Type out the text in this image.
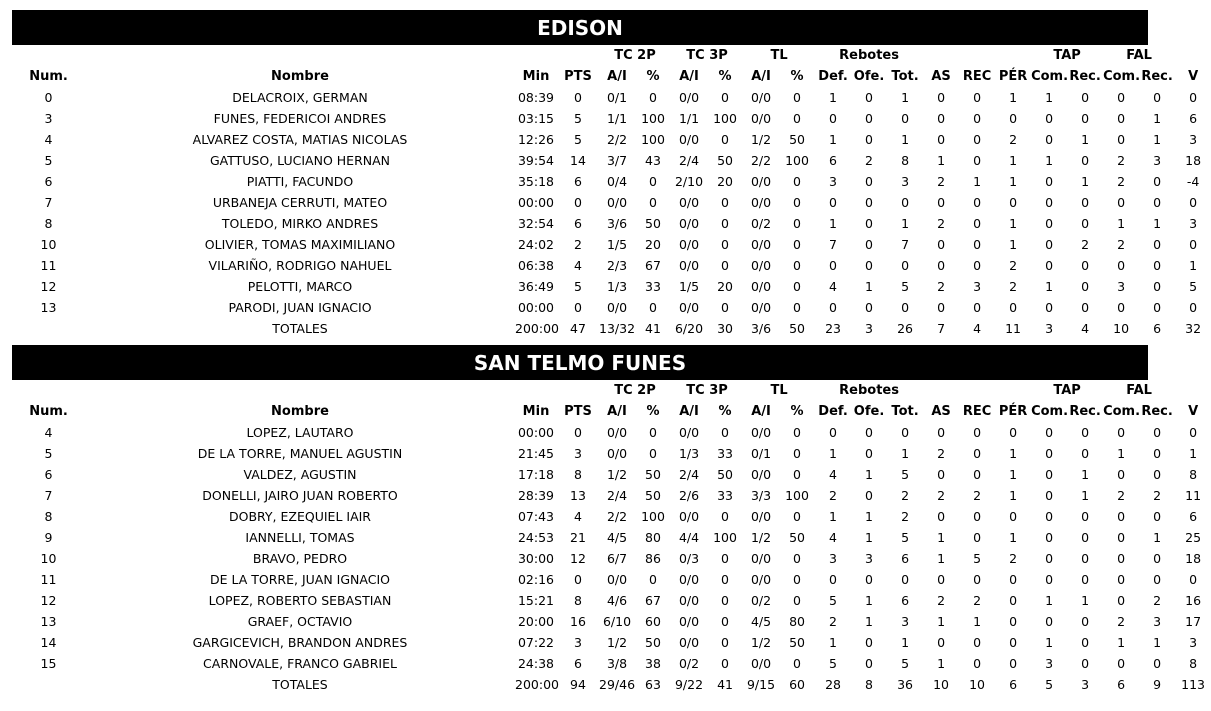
EDISON
				TC 2P		TC 3P		TL		Rebotes						TAP		FAL		
Num.	Nombre	Min	PTS	A/I	%	A/I	%	A/I	%	Def.	Ofe.	Tot.	AS	REC	PÉR	Com.	Rec.	Com.	Rec.	V
0	DELACROIX, GERMAN	08:39	0	0/1	0	0/0	0	0/0	0	1	0	1	0	0	1	1	0	0	0	0
3	FUNES, FEDERICOI ANDRES	03:15	5	1/1	100	1/1	100	0/0	0	0	0	0	0	0	0	0	0	0	1	6
4	ALVAREZ COSTA, MATIAS NICOLAS	12:26	5	2/2	100	0/0	0	1/2	50	1	0	1	0	0	2	0	1	0	1	3
5	GATTUSO, LUCIANO HERNAN	39:54	14	3/7	43	2/4	50	2/2	100	6	2	8	1	0	1	1	0	2	3	18
6	PIATTI, FACUNDO	35:18	6	0/4	0	2/10	20	0/0	0	3	0	3	2	1	1	0	1	2	0	-4
7	URBANEJA CERRUTI, MATEO	00:00	0	0/0	0	0/0	0	0/0	0	0	0	0	0	0	0	0	0	0	0	0
8	TOLEDO, MIRKO ANDRES	32:54	6	3/6	50	0/0	0	0/2	0	1	0	1	2	0	1	0	0	1	1	3
10	OLIVIER, TOMAS MAXIMILIANO	24:02	2	1/5	20	0/0	0	0/0	0	7	0	7	0	0	1	0	2	2	0	0
11	VILARIÑO, RODRIGO NAHUEL	06:38	4	2/3	67	0/0	0	0/0	0	0	0	0	0	0	2	0	0	0	0	1
12	PELOTTI, MARCO	36:49	5	1/3	33	1/5	20	0/0	0	4	1	5	2	3	2	1	0	3	0	5
13	PARODI, JUAN IGNACIO	00:00	0	0/0	0	0/0	0	0/0	0	0	0	0	0	0	0	0	0	0	0	0
	TOTALES	200:00	47	13/32	41	6/20	30	3/6	50	23	3	26	7	4	11	3	4	10	6	32
SAN TELMO FUNES
				TC 2P		TC 3P		TL		Rebotes						TAP		FAL		
Num.	Nombre	Min	PTS	A/I	%	A/I	%	A/I	%	Def.	Ofe.	Tot.	AS	REC	PÉR	Com.	Rec.	Com.	Rec.	V
4	LOPEZ, LAUTARO	00:00	0	0/0	0	0/0	0	0/0	0	0	0	0	0	0	0	0	0	0	0	0
5	DE LA TORRE, MANUEL AGUSTIN	21:45	3	0/0	0	1/3	33	0/1	0	1	0	1	2	0	1	0	0	1	0	1
6	VALDEZ, AGUSTIN	17:18	8	1/2	50	2/4	50	0/0	0	4	1	5	0	0	1	0	1	0	0	8
7	DONELLI, JAIRO JUAN ROBERTO	28:39	13	2/4	50	2/6	33	3/3	100	2	0	2	2	2	1	0	1	2	2	11
8	DOBRY, EZEQUIEL IAIR	07:43	4	2/2	100	0/0	0	0/0	0	1	1	2	0	0	0	0	0	0	0	6
9	IANNELLI, TOMAS	24:53	21	4/5	80	4/4	100	1/2	50	4	1	5	1	0	1	0	0	0	1	25
10	BRAVO, PEDRO	30:00	12	6/7	86	0/3	0	0/0	0	3	3	6	1	5	2	0	0	0	0	18
11	DE LA TORRE, JUAN IGNACIO	02:16	0	0/0	0	0/0	0	0/0	0	0	0	0	0	0	0	0	0	0	0	0
12	LOPEZ, ROBERTO SEBASTIAN	15:21	8	4/6	67	0/0	0	0/2	0	5	1	6	2	2	0	1	1	0	2	16
13	GRAEF, OCTAVIO	20:00	16	6/10	60	0/0	0	4/5	80	2	1	3	1	1	0	0	0	2	3	17
14	GARGICEVICH, BRANDON ANDRES	07:22	3	1/2	50	0/0	0	1/2	50	1	0	1	0	0	0	1	0	1	1	3
15	CARNOVALE, FRANCO GABRIEL	24:38	6	3/8	38	0/2	0	0/0	0	5	0	5	1	0	0	3	0	0	0	8
	TOTALES	200:00	94	29/46	63	9/22	41	9/15	60	28	8	36	10	10	6	5	3	6	9	113
